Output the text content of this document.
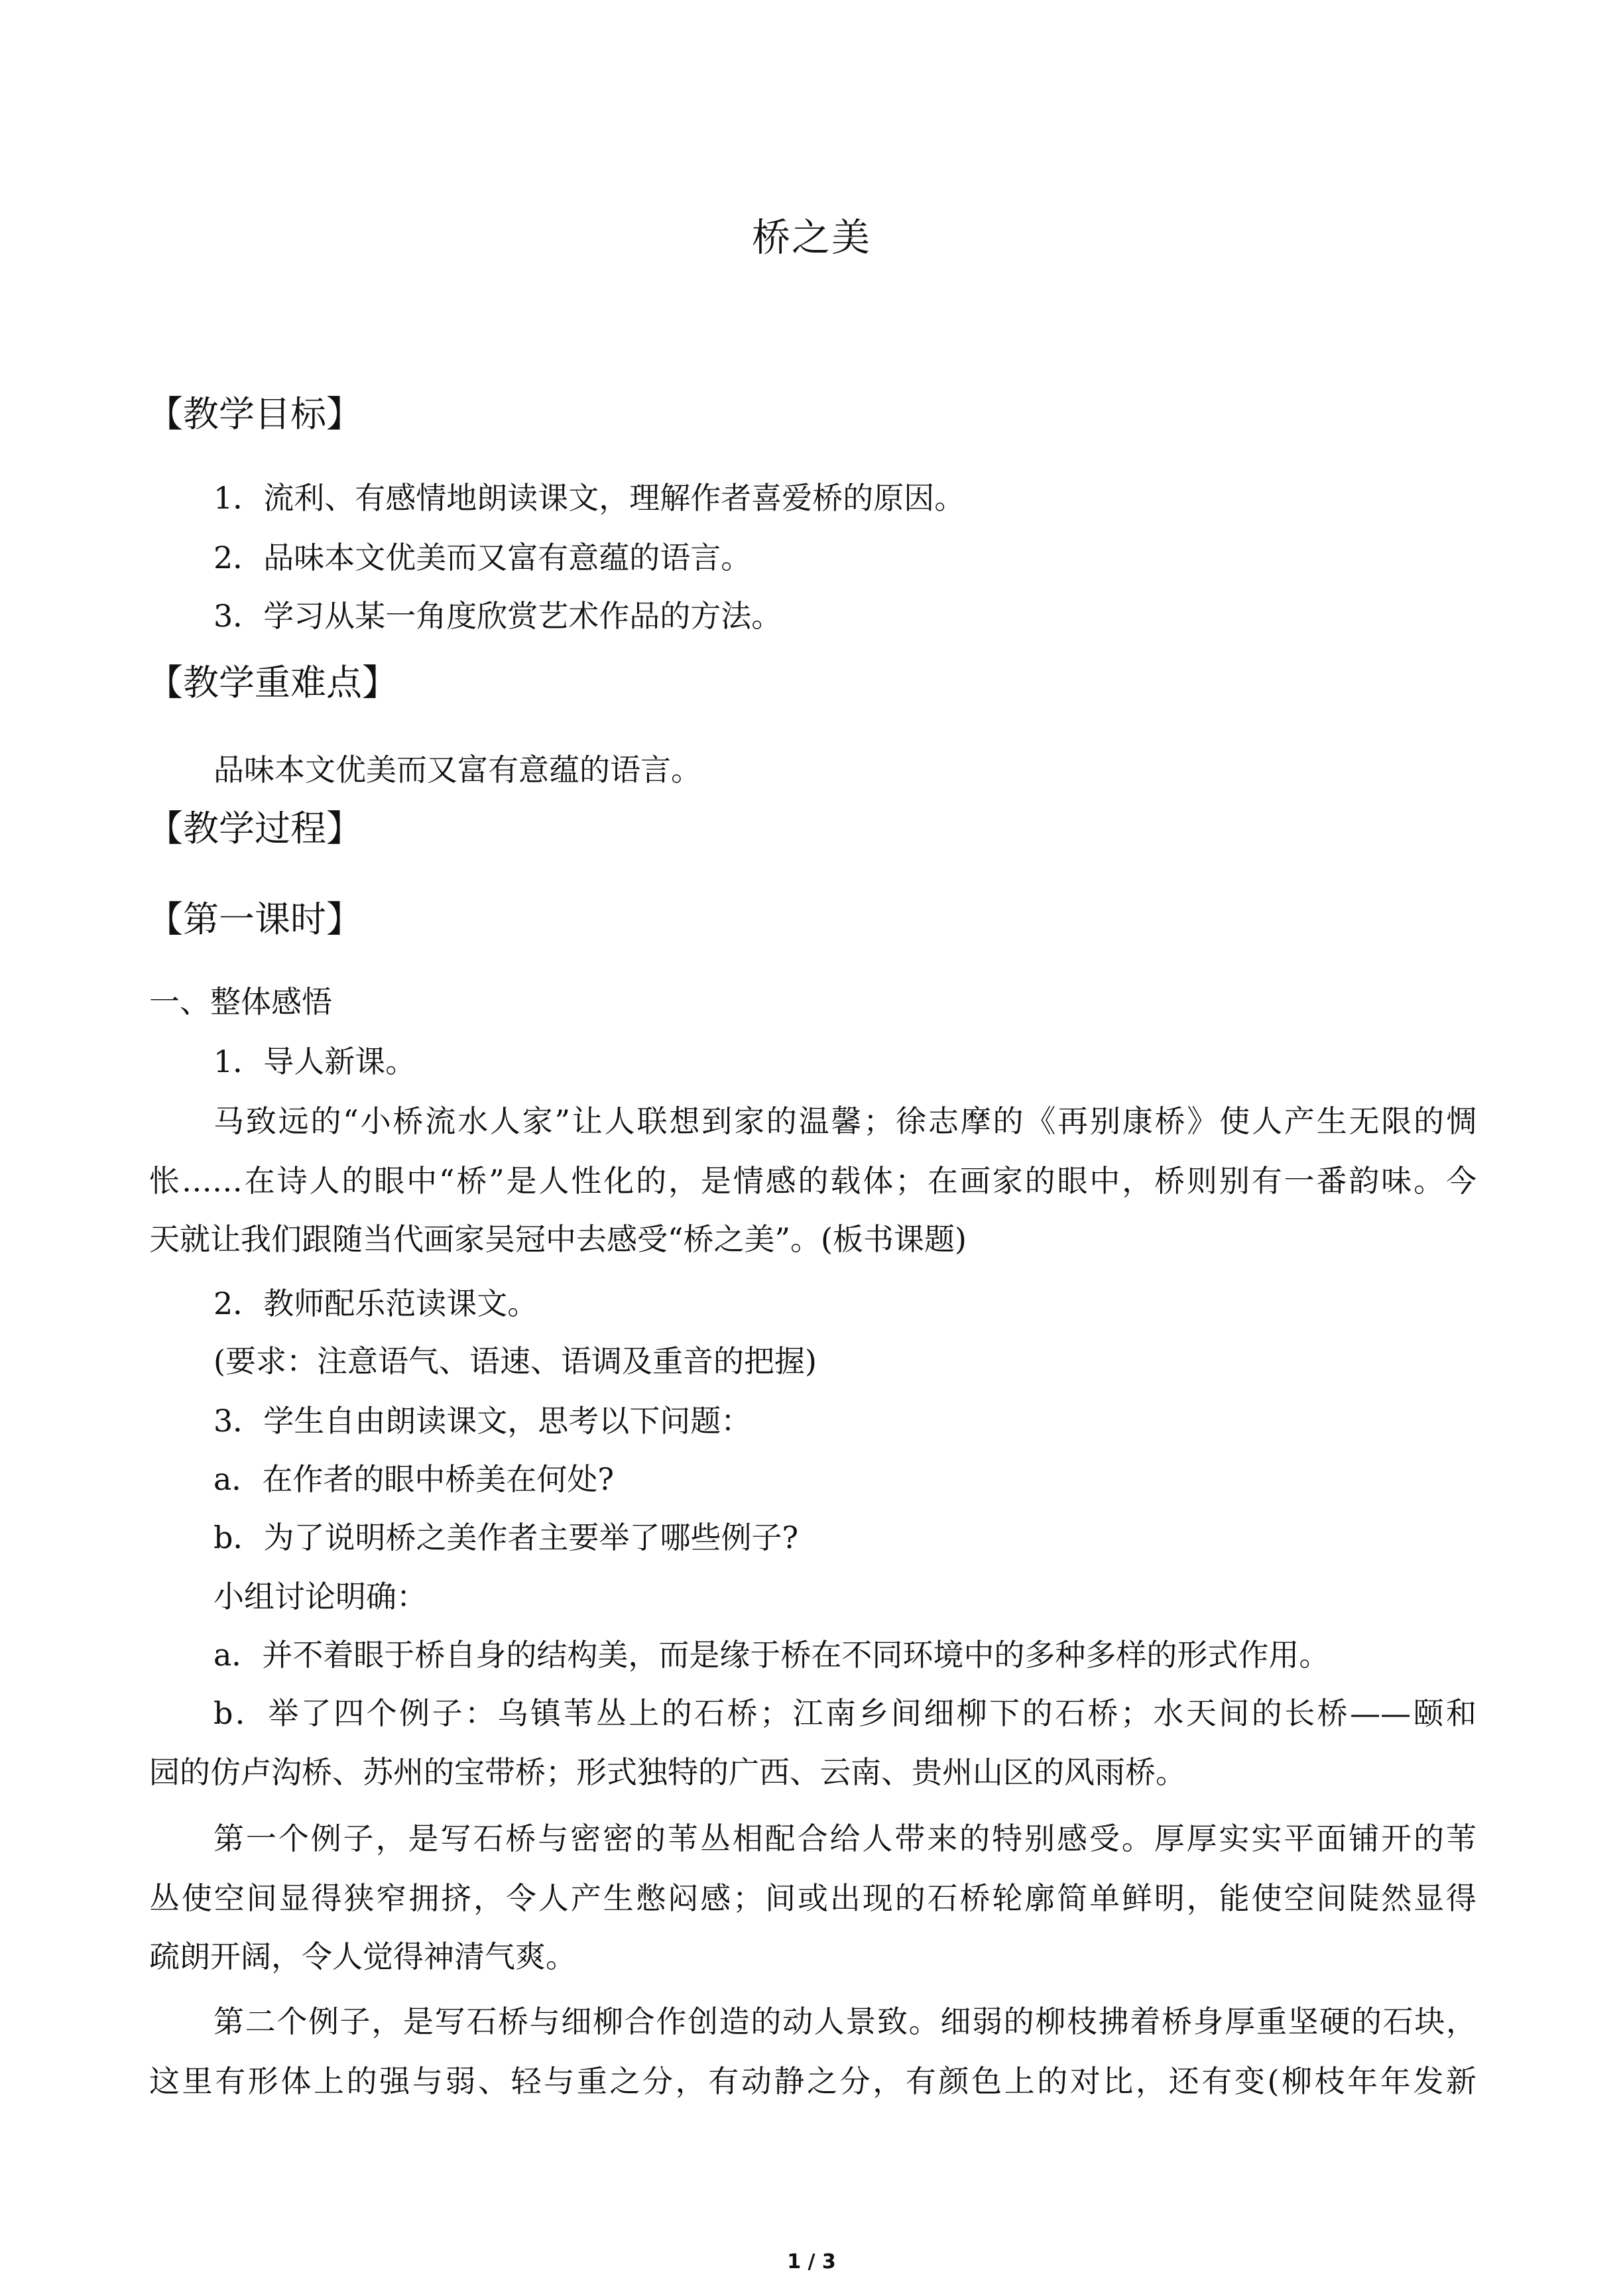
桥之美
【教学目标】
1．流利、有感情地朗读课文，理解作者喜爱桥的原因。
2．品味本文优美而又富有意蕴的语言。
3．学习从某一角度欣赏艺术作品的方法。
【教学重难点】
品味本文优美而又富有意蕴的语言。
【教学过程】
【第一课时】
一、整体感悟
1．导人新课。
马致远的“小桥流水人家”让人联想到家的温馨；徐志摩的《再别康桥》使人产生无限的惆
怅……在诗人的眼中“桥”是人性化的，是情感的载体；在画家的眼中，桥则别有一番韵味。今
天就让我们跟随当代画家吴冠中去感受“桥之美”。(板书课题)
2．教师配乐范读课文。
(要求：注意语气、语速、语调及重音的把握)
3．学生自由朗读课文，思考以下问题：
a．在作者的眼中桥美在何处?
b．为了说明桥之美作者主要举了哪些例子?
小组讨论明确：
a．并不着眼于桥自身的结构美，而是缘于桥在不同环境中的多种多样的形式作用。
b．举了四个例子：乌镇苇丛上的石桥；江南乡间细柳下的石桥；水天间的长桥——颐和
园的仿卢沟桥、苏州的宝带桥；形式独特的广西、云南、贵州山区的风雨桥。
第一个例子，是写石桥与密密的苇丛相配合给人带来的特别感受。厚厚实实平面铺开的苇
丛使空间显得狭窄拥挤，令人产生憋闷感；间或出现的石桥轮廓简单鲜明，能使空间陡然显得
疏朗开阔，令人觉得神清气爽。
第二个例子，是写石桥与细柳合作创造的动人景致。细弱的柳枝拂着桥身厚重坚硬的石块，
这里有形体上的强与弱、轻与重之分，有动静之分，有颜色上的对比，还有变(柳枝年年发新
1 / 3
